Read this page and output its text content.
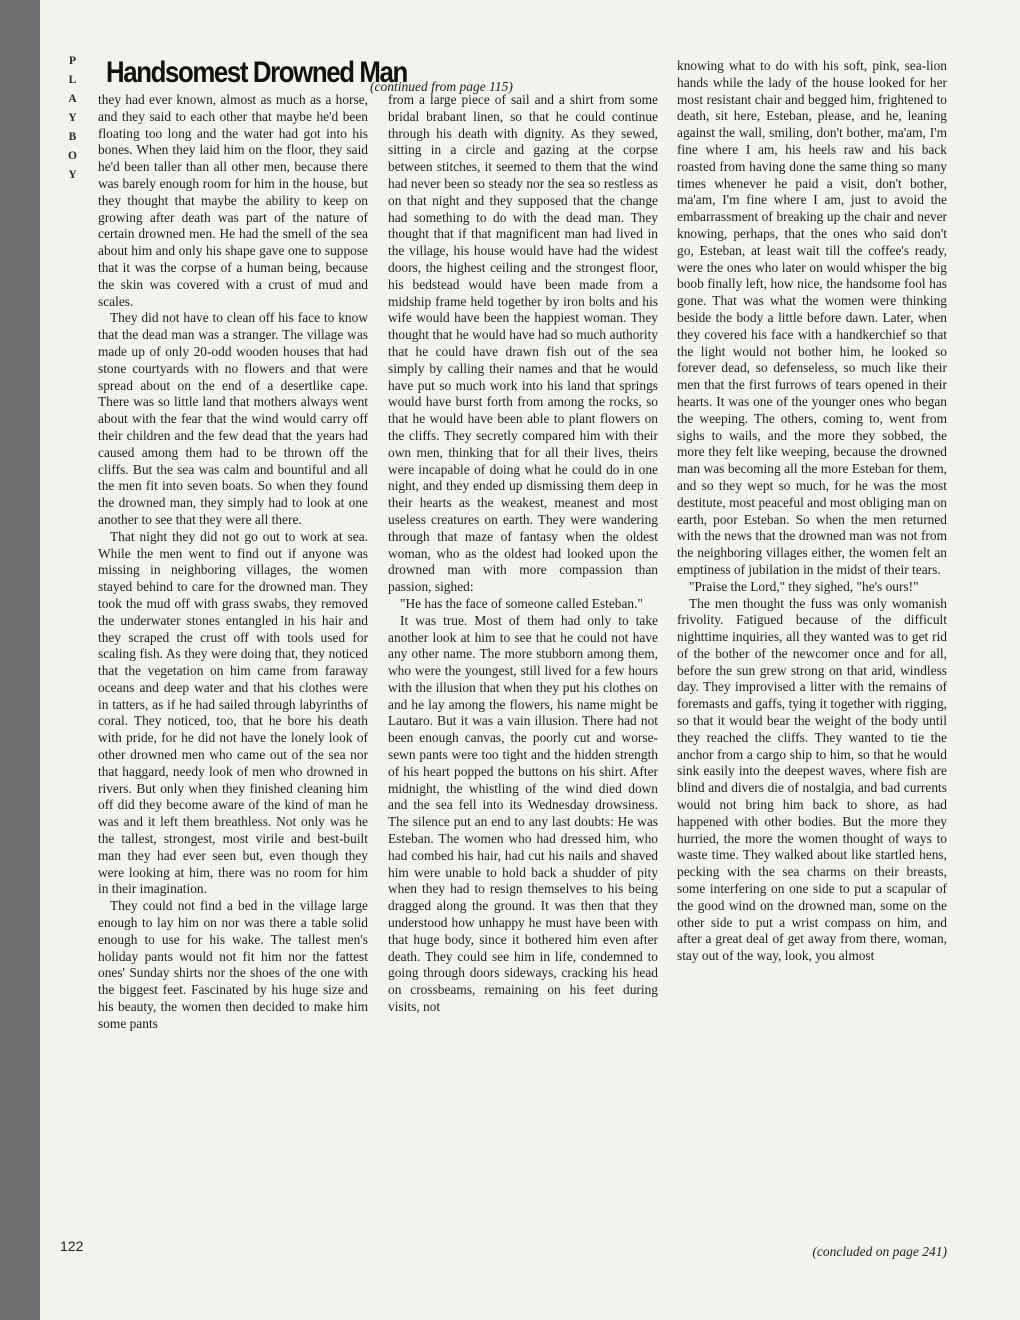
P
L
A
Y
B
O
Y
Handsomest Drowned Man
(continued from page 115)

they had ever known, almost as much as a horse, and they said to each other that maybe he'd been floating too long and the water had got into his bones. When they laid him on the floor, they said he'd been taller than all other men, because there was barely enough room for him in the house, but they thought that maybe the ability to keep on growing after death was part of the nature of certain drowned men. He had the smell of the sea about him and only his shape gave one to suppose that it was the corpse of a human being, because the skin was covered with a crust of mud and scales.

They did not have to clean off his face to know that the dead man was a stranger. The village was made up of only 20-odd wooden houses that had stone courtyards with no flowers and that were spread about on the end of a desertlike cape. There was so little land that mothers always went about with the fear that the wind would carry off their children and the few dead that the years had caused among them had to be thrown off the cliffs. But the sea was calm and bountiful and all the men fit into seven boats. So when they found the drowned man, they simply had to look at one another to see that they were all there.

That night they did not go out to work at sea. While the men went to find out if anyone was missing in neighboring villages, the women stayed behind to care for the drowned man. They took the mud off with grass swabs, they removed the underwater stones entangled in his hair and they scraped the crust off with tools used for scaling fish. As they were doing that, they noticed that the vegetation on him came from faraway oceans and deep water and that his clothes were in tatters, as if he had sailed through labyrinths of coral. They noticed, too, that he bore his death with pride, for he did not have the lonely look of other drowned men who came out of the sea nor that haggard, needy look of men who drowned in rivers. But only when they finished cleaning him off did they become aware of the kind of man he was and it left them breathless. Not only was he the tallest, strongest, most virile and best-built man they had ever seen but, even though they were looking at him, there was no room for him in their imagination.

They could not find a bed in the village large enough to lay him on nor was there a table solid enough to use for his wake. The tallest men's holiday pants would not fit him nor the fattest ones' Sunday shirts nor the shoes of the one with the biggest feet. Fascinated by his huge size and his beauty, the women then decided to make him some pants

from a large piece of sail and a shirt from some bridal brabant linen, so that he could continue through his death with dignity. As they sewed, sitting in a circle and gazing at the corpse between stitches, it seemed to them that the wind had never been so steady nor the sea so restless as on that night and they supposed that the change had something to do with the dead man. They thought that if that magnificent man had lived in the village, his house would have had the widest doors, the highest ceiling and the strongest floor, his bedstead would have been made from a midship frame held together by iron bolts and his wife would have been the happiest woman. They thought that he would have had so much authority that he could have drawn fish out of the sea simply by calling their names and that he would have put so much work into his land that springs would have burst forth from among the rocks, so that he would have been able to plant flowers on the cliffs. They secretly compared him with their own men, thinking that for all their lives, theirs were incapable of doing what he could do in one night, and they ended up dismissing them deep in their hearts as the weakest, meanest and most useless creatures on earth. They were wandering through that maze of fantasy when the oldest woman, who as the oldest had looked upon the drowned man with more compassion than passion, sighed:

"He has the face of someone called Esteban."

It was true. Most of them had only to take another look at him to see that he could not have any other name. The more stubborn among them, who were the youngest, still lived for a few hours with the illusion that when they put his clothes on and he lay among the flowers, his name might be Lautaro. But it was a vain illusion. There had not been enough canvas, the poorly cut and worse-sewn pants were too tight and the hidden strength of his heart popped the buttons on his shirt. After midnight, the whistling of the wind died down and the sea fell into its Wednesday drowsiness. The silence put an end to any last doubts: He was Esteban. The women who had dressed him, who had combed his hair, had cut his nails and shaved him were unable to hold back a shudder of pity when they had to resign themselves to his being dragged along the ground. It was then that they understood how unhappy he must have been with that huge body, since it bothered him even after death. They could see him in life, condemned to going through doors sideways, cracking his head on crossbeams, remaining on his feet during visits, not

knowing what to do with his soft, pink, sea-lion hands while the lady of the house looked for her most resistant chair and begged him, frightened to death, sit here, Esteban, please, and he, leaning against the wall, smiling, don't bother, ma'am, I'm fine where I am, his heels raw and his back roasted from having done the same thing so many times whenever he paid a visit, don't bother, ma'am, I'm fine where I am, just to avoid the embarrassment of breaking up the chair and never knowing, perhaps, that the ones who said don't go, Esteban, at least wait till the coffee's ready, were the ones who later on would whisper the big boob finally left, how nice, the handsome fool has gone. That was what the women were thinking beside the body a little before dawn. Later, when they covered his face with a handkerchief so that the light would not bother him, he looked so forever dead, so defenseless, so much like their men that the first furrows of tears opened in their hearts. It was one of the younger ones who began the weeping. The others, coming to, went from sighs to wails, and the more they sobbed, the more they felt like weeping, because the drowned man was becoming all the more Esteban for them, and so they wept so much, for he was the most destitute, most peaceful and most obliging man on earth, poor Esteban. So when the men returned with the news that the drowned man was not from the neighboring villages either, the women felt an emptiness of jubilation in the midst of their tears.

"Praise the Lord," they sighed, "he's ours!"

The men thought the fuss was only womanish frivolity. Fatigued because of the difficult nighttime inquiries, all they wanted was to get rid of the bother of the newcomer once and for all, before the sun grew strong on that arid, windless day. They improvised a litter with the remains of foremasts and gaffs, tying it together with rigging, so that it would bear the weight of the body until they reached the cliffs. They wanted to tie the anchor from a cargo ship to him, so that he would sink easily into the deepest waves, where fish are blind and divers die of nostalgia, and bad currents would not bring him back to shore, as had happened with other bodies. But the more they hurried, the more the women thought of ways to waste time. They walked about like startled hens, pecking with the sea charms on their breasts, some interfering on one side to put a scapular of the good wind on the drowned man, some on the other side to put a wrist compass on him, and after a great deal of get away from there, woman, stay out of the way, look, you almost

(concluded on page 241)
122
